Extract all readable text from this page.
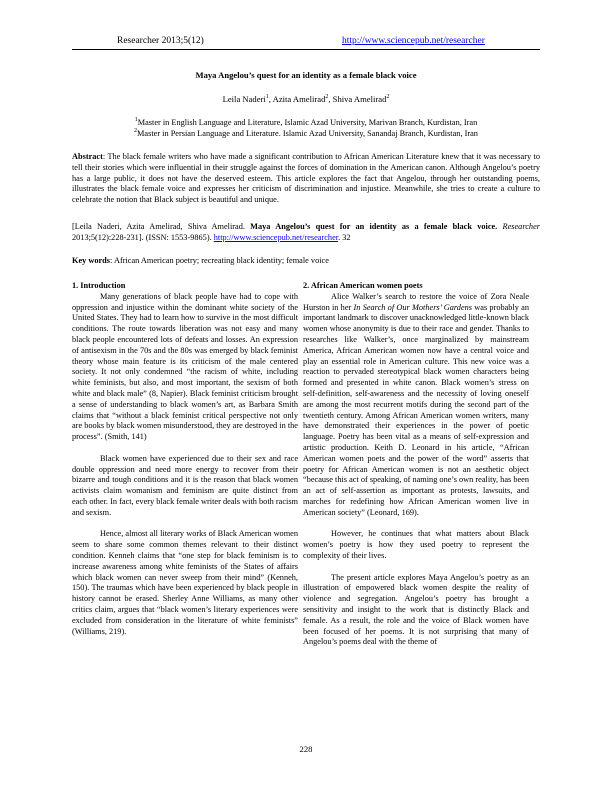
Researcher 2013;5(12)	http://www.sciencepub.net/researcher
Maya Angelou’s quest for an identity as a female black voice
Leila Naderi$^1$, Azita Amelirad$^2$, Shiva Amelirad$^2$
$^1$Master in English Language and Literature, Islamic Azad University, Marivan Branch, Kurdistan, Iran
$^2$Master in Persian Language and Literature. Islamic Azad University, Sanandaj Branch, Kurdistan, Iran

Abstract: The black female writers who have made a significant contribution to African American Literature knew that it was necessary to tell their stories which were influential in their struggle against the forces of domination in the American canon. Although Angelou’s poetry has a large public, it does not have the deserved esteem. This article explores the fact that Angelou, through her outstanding poems, illustrates the black female voice and expresses her criticism of discrimination and injustice. Meanwhile, she tries to create a culture to celebrate the notion that Black subject is beautiful and unique.

[Leila Naderi, Azita Amelirad, Shiva Amelirad. Maya Angelou’s quest for an identity as a female black voice. Researcher 2013;5(12):228-231]. (ISSN: 1553-9865). http://www.sciencepub.net/researcher. 32

Key words: African American poetry; recreating black identity; female voice

1. Introduction

Many generations of black people have had to cope with oppression and injustice within the dominant white society of the United States. They had to learn how to survive in the most difficult conditions. The route towards liberation was not easy and many black people encountered lots of defeats and losses. An expression of antisexism in the 70s and the 80s was emerged by black feminist theory whose main feature is its criticism of the male centered society. It not only condemned “the racism of white, including white feminists, but also, and most important, the sexism of both white and black male” (8, Napier). Black feminist criticism brought a sense of understanding to black women’s art, as Barbara Smith claims that “without a black feminist critical perspective not only are books by black women misunderstood, they are destroyed in the process”. (Smith, 141)

Black women have experienced due to their sex and race double oppression and need more energy to recover from their bizarre and tough conditions and it is the reason that black women activists claim womanism and feminism are quite distinct from each other. In fact, every black female writer deals with both racism and sexism.

Hence, almost all literary works of Black American women seem to share some common themes relevant to their distinct condition. Kenneh claims that “one step for black feminism is to increase awareness among white feminists of the States of affairs which black women can never sweep from their mind” (Kenneh, 150). The traumas which have been experienced by black people in history cannot be erased. Sherley Anne Williams, as many other critics claim, argues that “black women’s literary experiences were excluded from consideration in the literature of white feminists” (Williams, 219).

2. African American women poets

Alice Walker’s search to restore the voice of Zora Neale Hurston in her In Search of Our Mothers’ Gardens was probably an important landmark to discover unacknowledged little-known black women whose anonymity is due to their race and gender. Thanks to researches like Walker’s, once marginalized by mainstream America, African American women now have a central voice and play an essential role in American culture. This new voice was a reaction to pervaded stereotypical black women characters being formed and presented in white canon. Black women’s stress on self-definition, self-awareness and the necessity of loving oneself are among the most recurrent motifs during the second part of the twentieth century. Among African American women writers, many have demonstrated their experiences in the power of poetic language. Poetry has been vital as a means of self-expression and artistic production. Keith D. Leonard in his article, “African American women poets and the power of the word” asserts that poetry for African American women is not an aesthetic object “because this act of speaking, of naming one’s own reality, has been an act of self-assertion as important as protests, lawsuits, and marches for redefining how African American women live in American society” (Leonard, 169).

However, he continues that what matters about Black women’s poetry is how they used poetry to represent the complexity of their lives.

The present article explores Maya Angelou’s poetry as an illustration of empowered black women despite the reality of violence and segregation. Angelou’s poetry has brought a sensitivity and insight to the work that is distinctly Black and female. As a result, the role and the voice of Black women have been focused of her poems. It is not surprising that many of Angelou’s poems deal with the theme of

228
